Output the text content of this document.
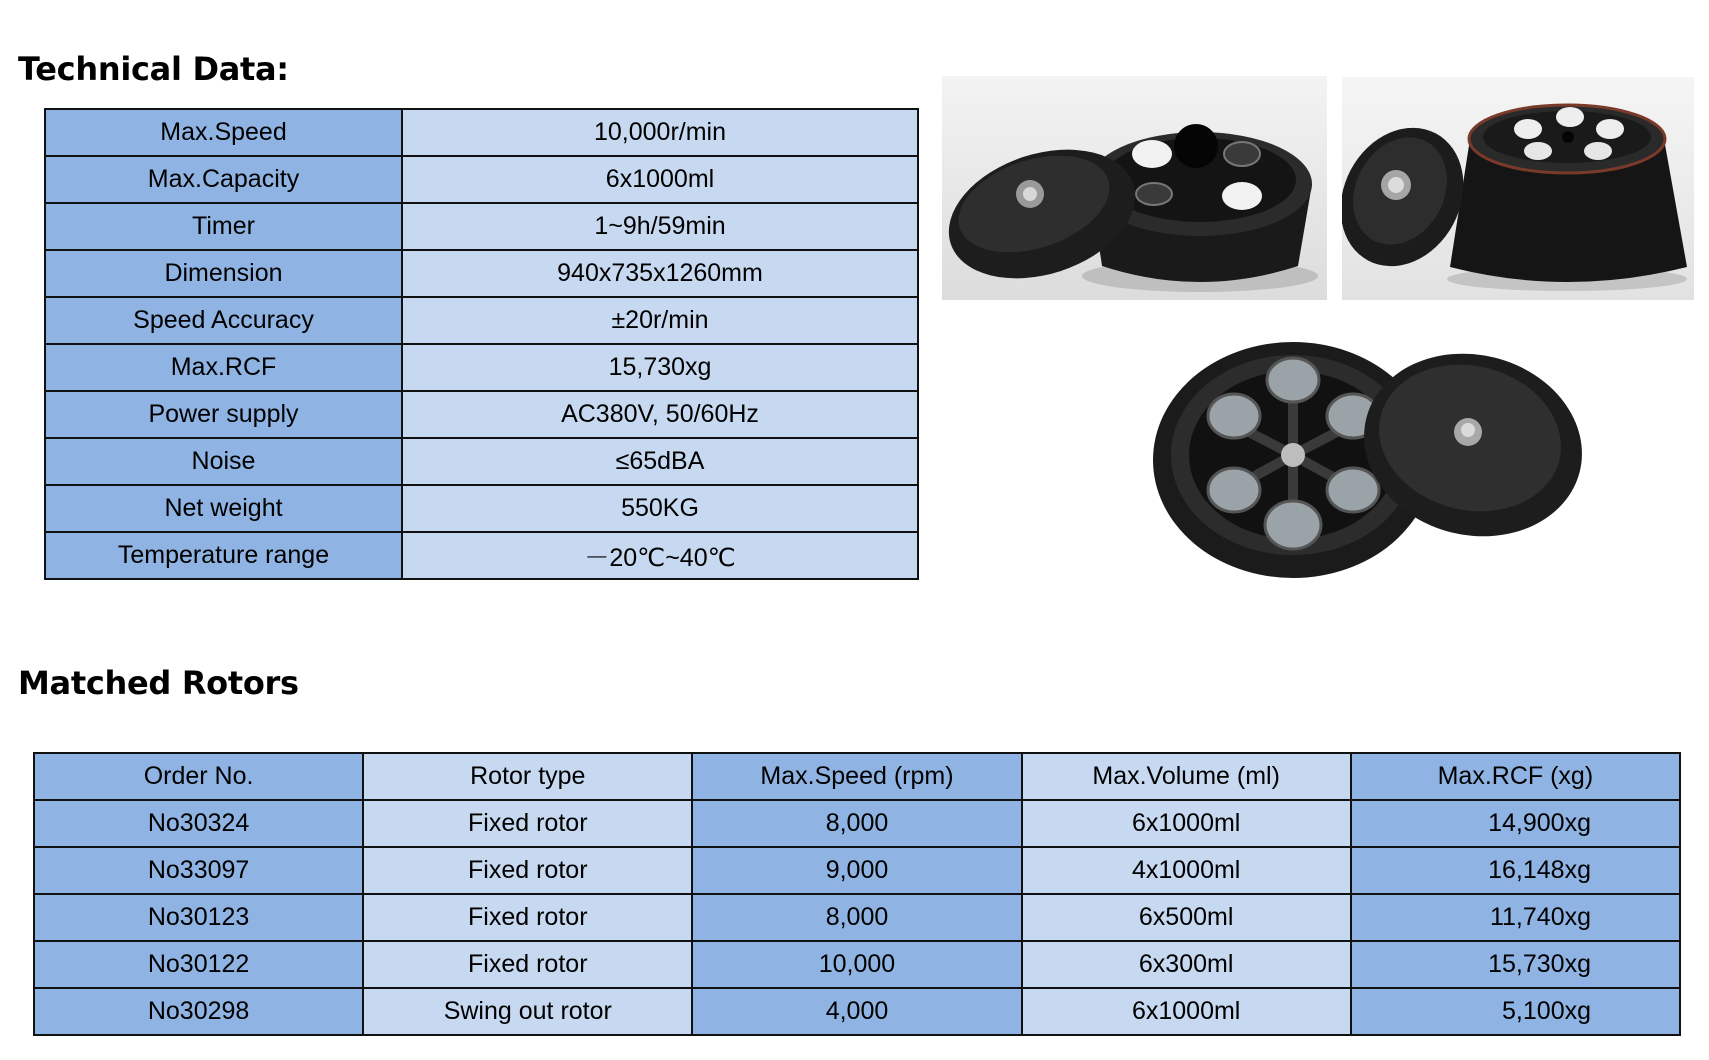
Technical Data:
Max.Speed	10,000r/min
Max.Capacity	6x1000ml
Timer	1~9h/59min
Dimension	940x735x1260mm
Speed Accuracy	±20r/min
Max.RCF	15,730xg
Power supply	AC380V, 50/60Hz
Noise	≤65dBA
Net weight	550KG
Temperature range	－20℃~40℃
Matched Rotors
Order No.	Rotor type	Max.Speed (rpm)	Max.Volume (ml)	Max.RCF (xg)
No30324	Fixed rotor	8,000	6x1000ml	14,900xg
No33097	Fixed rotor	9,000	4x1000ml	16,148xg
No30123	Fixed rotor	8,000	6x500ml	11,740xg
No30122	Fixed rotor	10,000	6x300ml	15,730xg
No30298	Swing out rotor	4,000	6x1000ml	5,100xg
